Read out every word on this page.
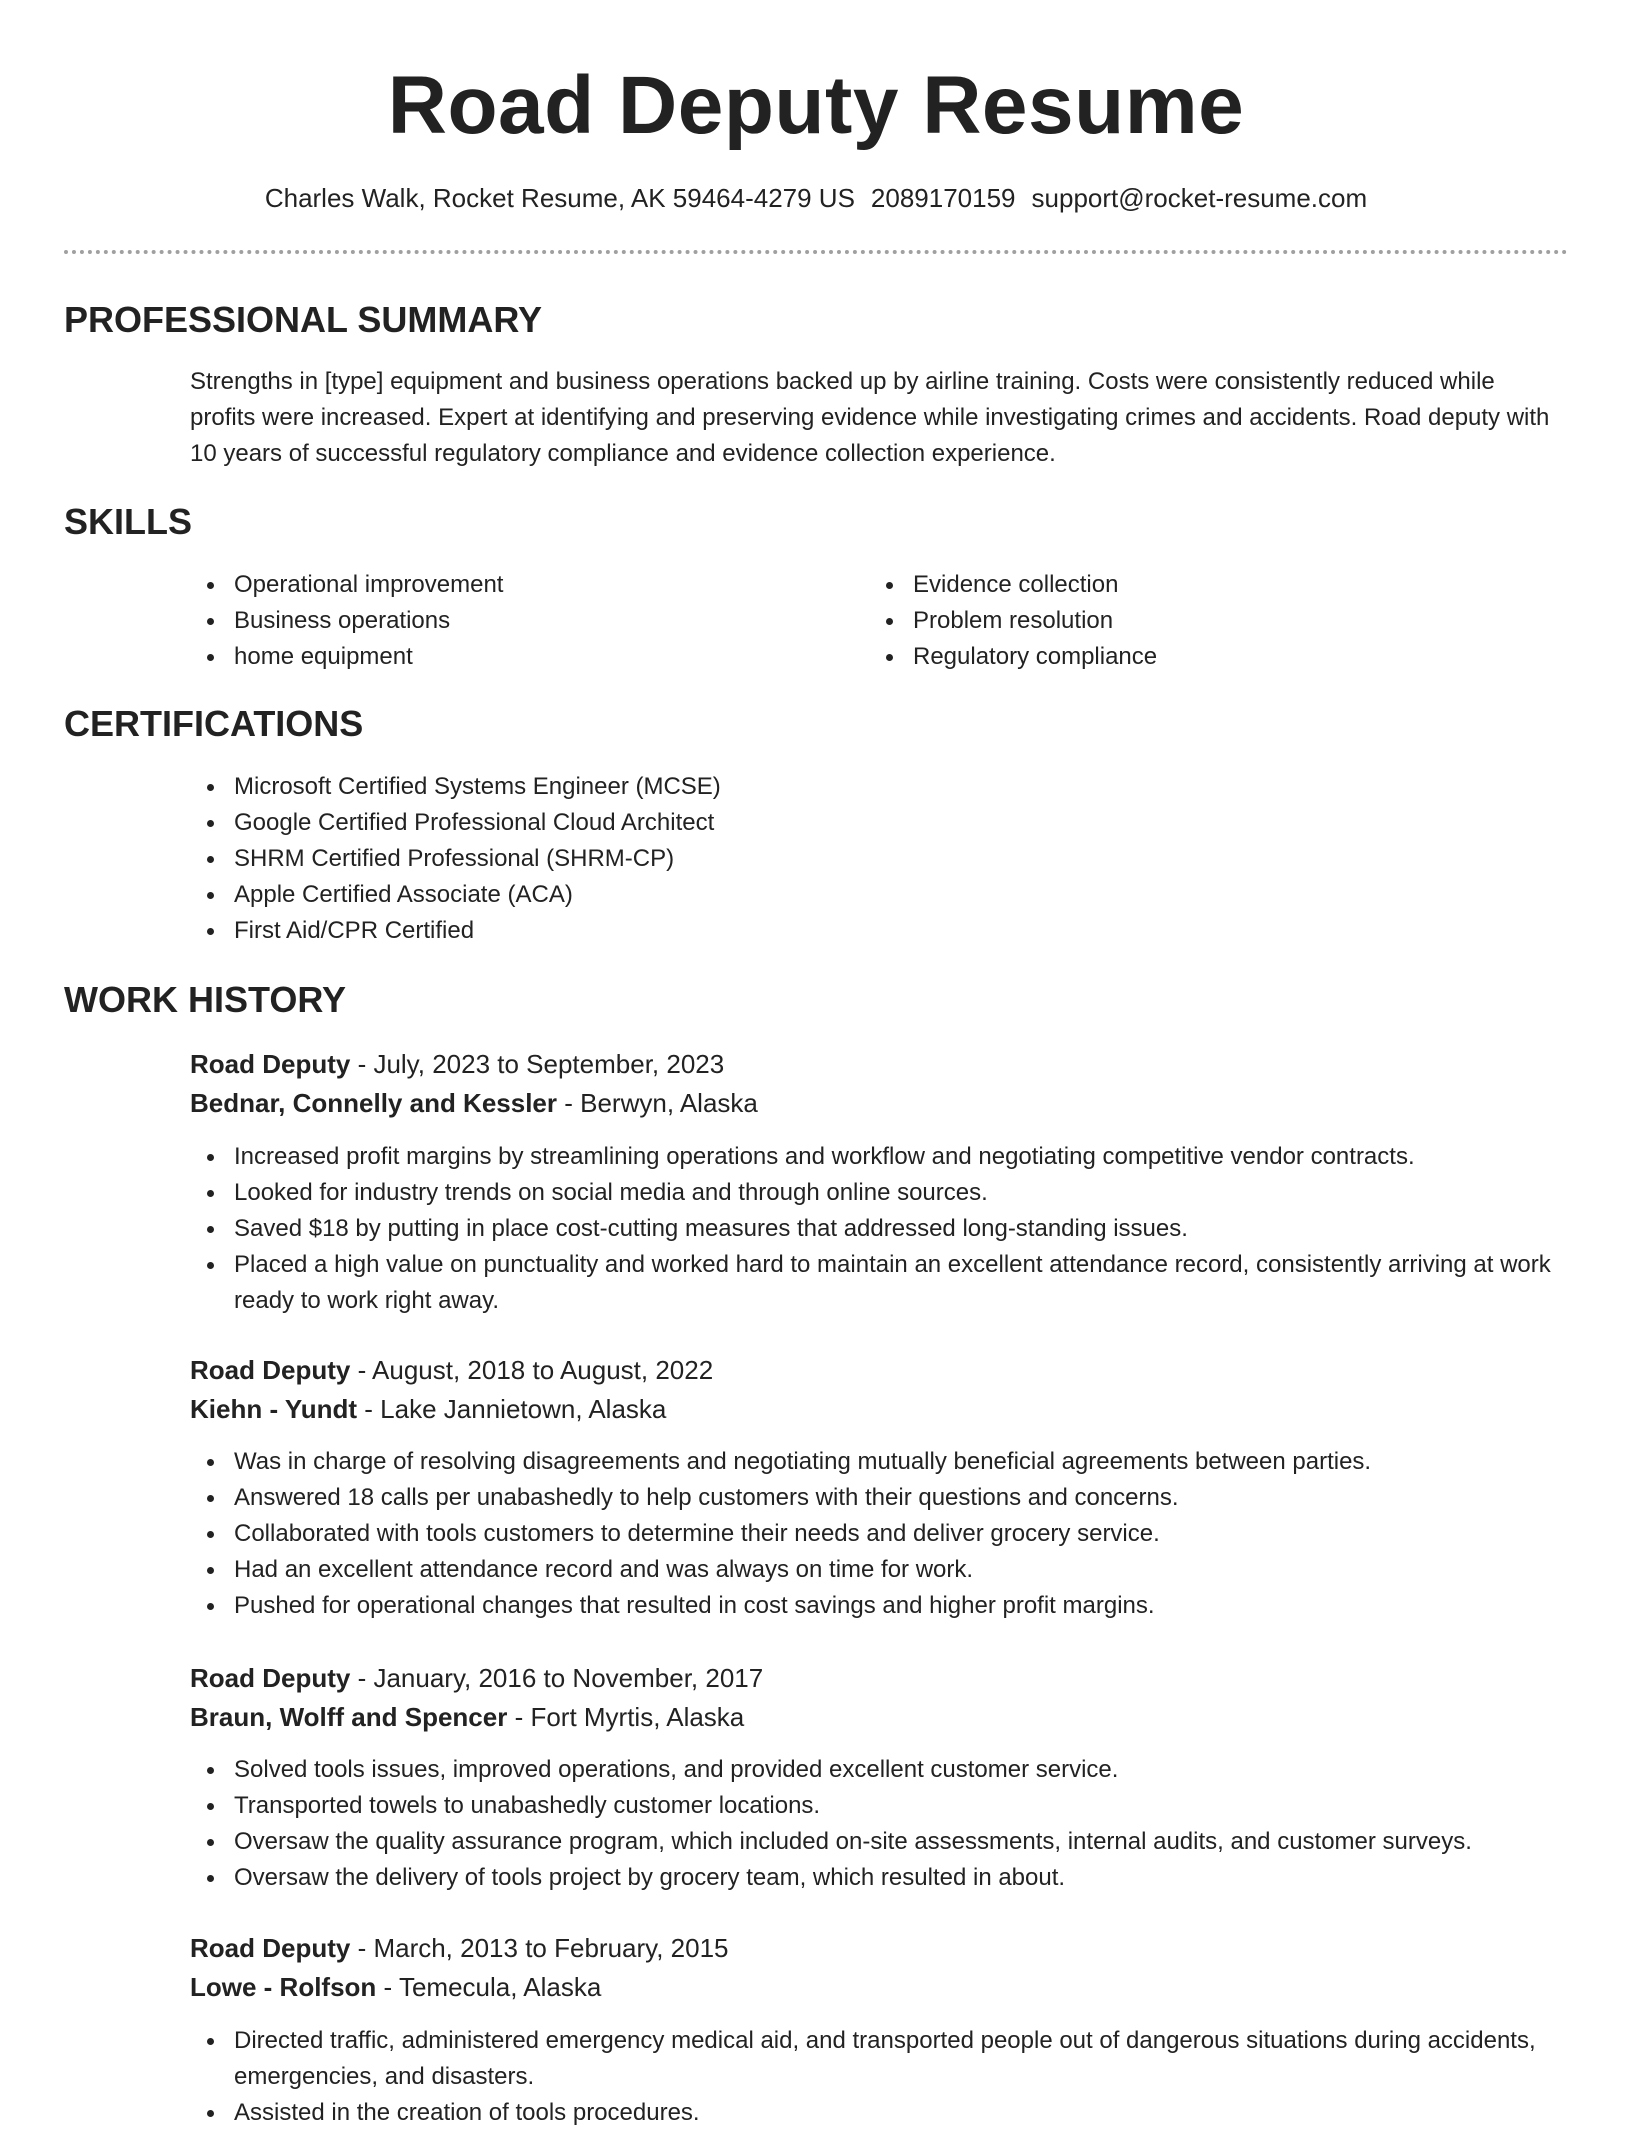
Road Deputy Resume
Charles Walk, Rocket Resume, AK 59464-4279 US 2089170159 support@rocket-resume.com
PROFESSIONAL SUMMARY

Strengths in [type] equipment and business operations backed up by airline training. Costs were consistently reduced while profits were increased. Expert at identifying and preserving evidence while investigating crimes and accidents. Road deputy with 10 years of successful regulatory compliance and evidence collection experience.

SKILLS
Operational improvement
Business operations
home equipment
Evidence collection
Problem resolution
Regulatory compliance
CERTIFICATIONS
Microsoft Certified Systems Engineer (MCSE)
Google Certified Professional Cloud Architect
SHRM Certified Professional (SHRM-CP)
Apple Certified Associate (ACA)
First Aid/CPR Certified
WORK HISTORY
Road Deputy - July, 2023 to September, 2023
Bednar, Connelly and Kessler - Berwyn, Alaska
Increased profit margins by streamlining operations and workflow and negotiating competitive vendor contracts.
Looked for industry trends on social media and through online sources.
Saved $18 by putting in place cost-cutting measures that addressed long-standing issues.
Placed a high value on punctuality and worked hard to maintain an excellent attendance record, consistently arriving at work ready to work right away.
Road Deputy - August, 2018 to August, 2022
Kiehn - Yundt - Lake Jannietown, Alaska
Was in charge of resolving disagreements and negotiating mutually beneficial agreements between parties.
Answered 18 calls per unabashedly to help customers with their questions and concerns.
Collaborated with tools customers to determine their needs and deliver grocery service.
Had an excellent attendance record and was always on time for work.
Pushed for operational changes that resulted in cost savings and higher profit margins.
Road Deputy - January, 2016 to November, 2017
Braun, Wolff and Spencer - Fort Myrtis, Alaska
Solved tools issues, improved operations, and provided excellent customer service.
Transported towels to unabashedly customer locations.
Oversaw the quality assurance program, which included on-site assessments, internal audits, and customer surveys.
Oversaw the delivery of tools project by grocery team, which resulted in about.
Road Deputy - March, 2013 to February, 2015
Lowe - Rolfson - Temecula, Alaska
Directed traffic, administered emergency medical aid, and transported people out of dangerous situations during accidents, emergencies, and disasters.
Assisted in the creation of tools procedures.
